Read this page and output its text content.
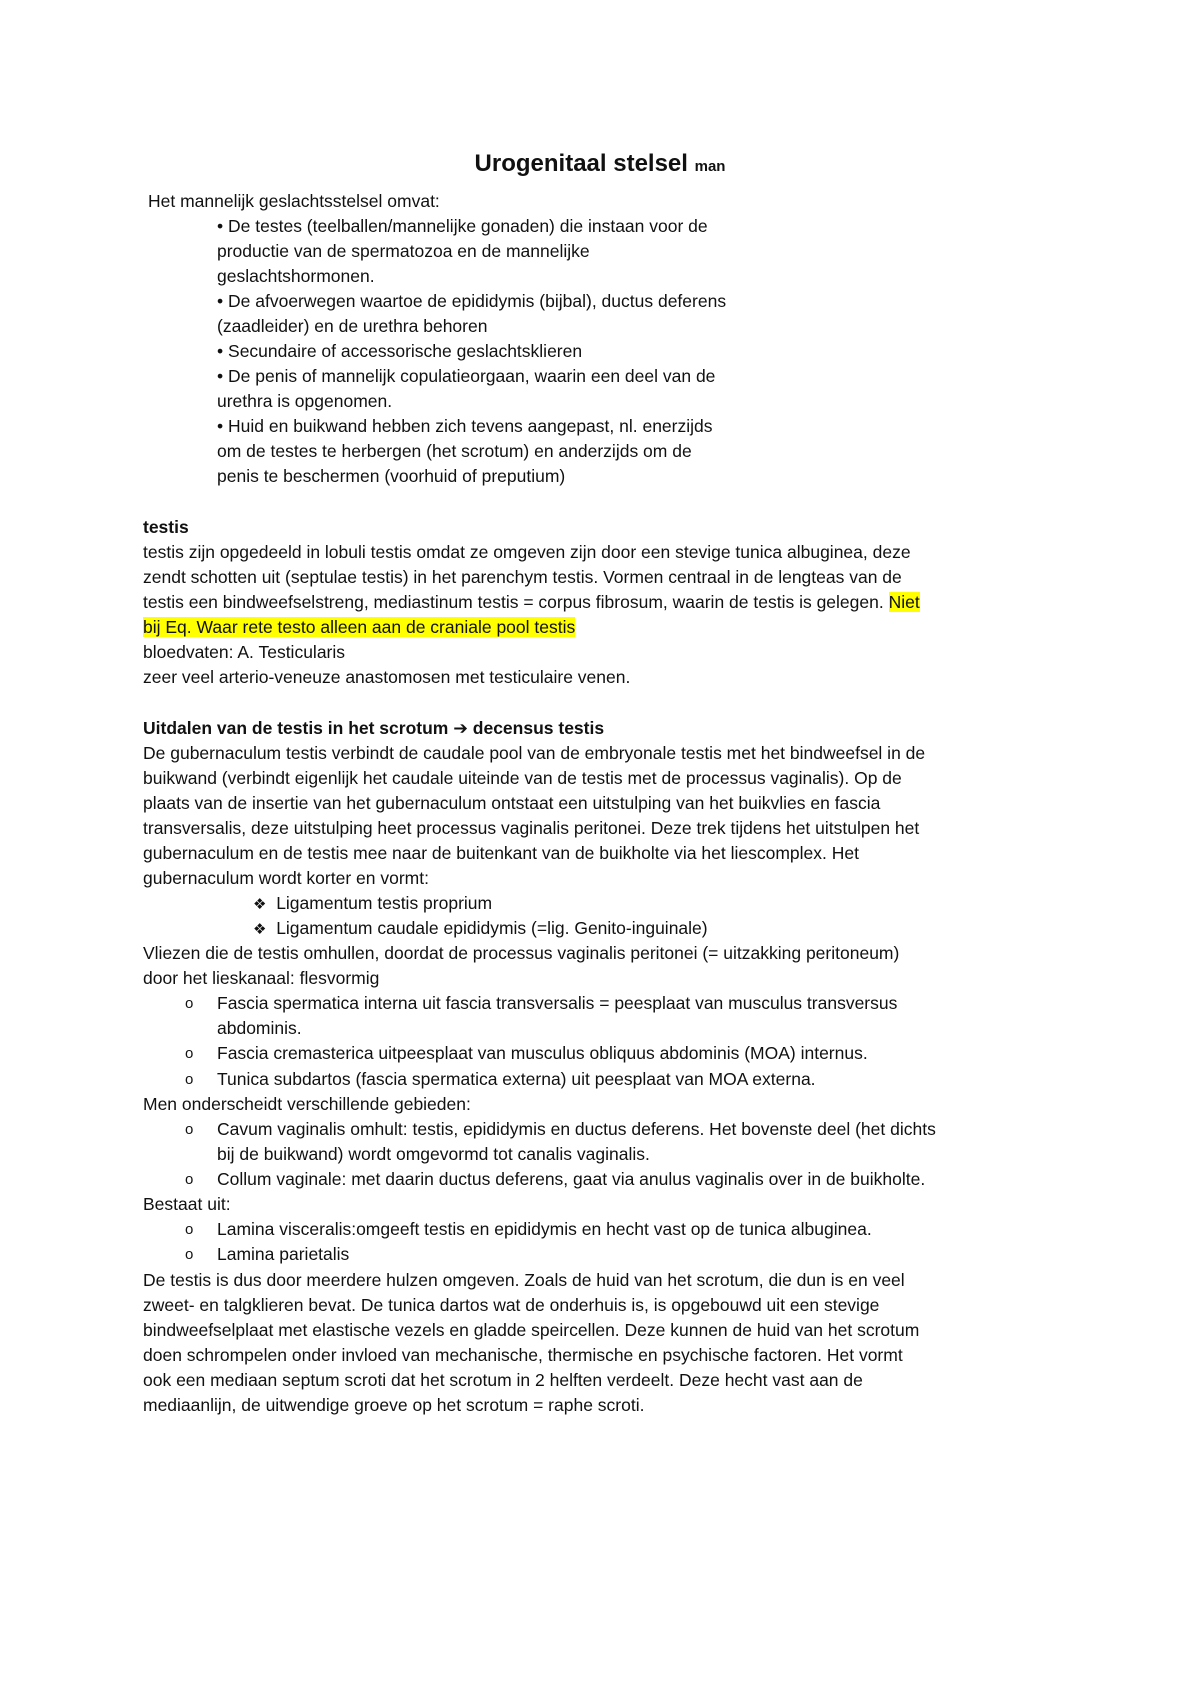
Urogenitaal stelsel man
Het mannelijk geslachtsstelsel omvat:
• De testes (teelballen/mannelijke gonaden) die instaan voor de
productie van de spermatozoa en de mannelijke
geslachtshormonen.
• De afvoerwegen waartoe de epididymis (bijbal), ductus deferens
(zaadleider) en de urethra behoren
• Secundaire of accessorische geslachtsklieren
• De penis of mannelijk copulatieorgaan, waarin een deel van de
urethra is opgenomen.
• Huid en buikwand hebben zich tevens aangepast, nl. enerzijds
om de testes te herbergen (het scrotum) en anderzijds om de
penis te beschermen (voorhuid of preputium)
testis
testis zijn opgedeeld in lobuli testis omdat ze omgeven zijn door een stevige tunica albuginea, deze
zendt schotten uit (septulae testis) in het parenchym testis. Vormen centraal in de lengteas van de
testis een bindweefselstreng, mediastinum testis = corpus fibrosum, waarin de testis is gelegen. Niet
bij Eq. Waar rete testo alleen aan de craniale pool testis
bloedvaten: A. Testicularis
zeer veel arterio-veneuze anastomosen met testiculaire venen.
Uitdalen van de testis in het scrotum ➔ decensus testis
De gubernaculum testis verbindt de caudale pool van de embryonale testis met het bindweefsel in de
buikwand (verbindt eigenlijk het caudale uiteinde van de testis met de processus vaginalis). Op de
plaats van de insertie van het gubernaculum ontstaat een uitstulping van het buikvlies en fascia
transversalis, deze uitstulping heet processus vaginalis peritonei. Deze trek tijdens het uitstulpen het
gubernaculum en de testis mee naar de buitenkant van de buikholte via het liescomplex. Het
gubernaculum wordt korter en vormt:
❖ Ligamentum testis proprium
❖ Ligamentum caudale epididymis (=lig. Genito-inguinale)
Vliezen die de testis omhullen, doordat de processus vaginalis peritonei (= uitzakking peritoneum)
door het lieskanaal: flesvormig
o Fascia spermatica interna uit fascia transversalis = peesplaat van musculus transversus
abdominis.
o Fascia cremasterica uitpeesplaat van musculus obliquus abdominis (MOA) internus.
o Tunica subdartos (fascia spermatica externa) uit peesplaat van MOA externa.
Men onderscheidt verschillende gebieden:
o Cavum vaginalis omhult: testis, epididymis en ductus deferens. Het bovenste deel (het dichts
bij de buikwand) wordt omgevormd tot canalis vaginalis.
o Collum vaginale: met daarin ductus deferens, gaat via anulus vaginalis over in de buikholte.
Bestaat uit:
o Lamina visceralis:omgeeft testis en epididymis en hecht vast op de tunica albuginea.
o Lamina parietalis
De testis is dus door meerdere hulzen omgeven. Zoals de huid van het scrotum, die dun is en veel
zweet- en talgklieren bevat. De tunica dartos wat de onderhuis is, is opgebouwd uit een stevige
bindweefselplaat met elastische vezels en gladde speircellen. Deze kunnen de huid van het scrotum
doen schrompelen onder invloed van mechanische, thermische en psychische factoren. Het vormt
ook een mediaan septum scroti dat het scrotum in 2 helften verdeelt. Deze hecht vast aan de
mediaanlijn, de uitwendige groeve op het scrotum = raphe scroti.
